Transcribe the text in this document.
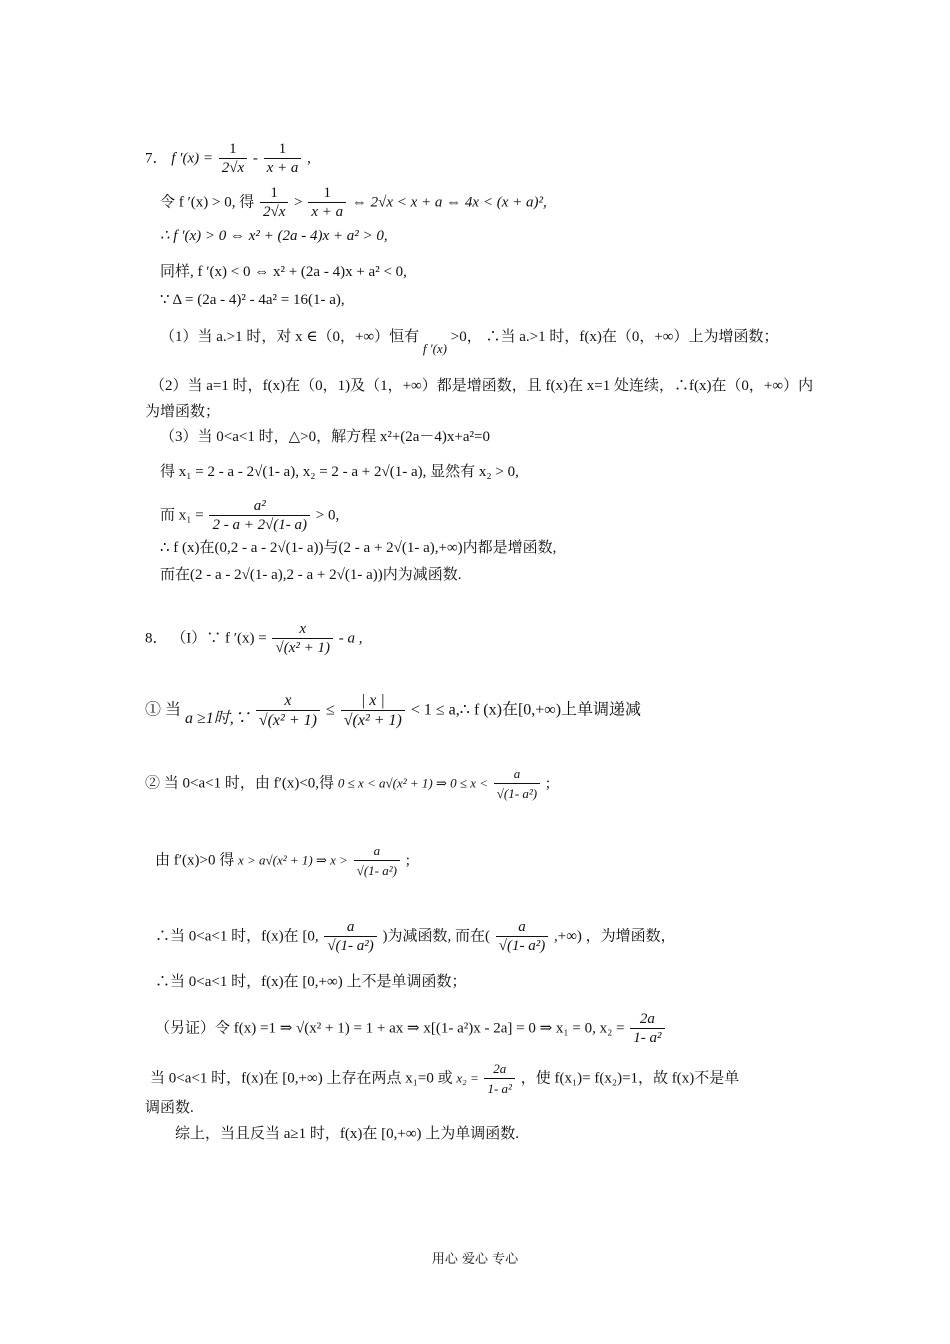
7． f $'(x) = \frac{1}{2√x} - \frac{1}{x + a}$ ,
令 f ′(x) > 0, 得 $\frac{1}{2√x} > \frac{1}{x + a}$ ⇔ 2√x < x + a ⇔ 4x < (x + a)²,
∴ f ′(x) > 0 ⇔ x² + (2a - 4)x + a² > 0,
同样, f ′(x) < 0 ⇔ x² + (2a - 4)x + a² < 0,
∵ Δ = (2a - 4)² - 4a² = 16(1- a),
（1）当 a.>1 时，对 x ∈（0，+∞）恒有 f ′(x) >0， ∴当 a.>1 时，f(x)在（0，+∞）上为增函数；
（2）当 a=1 时，f(x)在（0，1)及（1，+∞）都是增函数，且 f(x)在 x=1 处连续，∴f(x)在（0，+∞）内
为增函数；
（3）当 0<a<1 时，△>0，解方程 x²+(2a－4)x+a²=0
得 x₁ = 2 - a - 2√(1- a), x₂ = 2 - a + 2√(1- a), 显然有 x₂ > 0,
而 $x_1 = \frac{\text{a²}}{2 - a + 2√(1- a)} > 0$,
∴ f (x)在(0,2 - a - 2√(1- a))与(2 - a + 2√(1- a),+∞)内都是增函数,
而在(2 - a - 2√(1- a),2 - a + 2√(1- a))内为减函数.
8． （I）∵ f $'(x) = \frac{x}{\text{√(x² + 1)}} - a$ ,
① 当 a ≥1时,∵ $\frac{x}{\text{√(x² + 1)}} \le \frac{| x |}{\text{√(x² + 1)}} < 1$ ≤ a,∴ f (x)在[0,+∞)上单调递减
② 当 0<a<1 时，由 f′(x)<0,得 0 ≤ x < a√(x² + 1) ⇒ $0 \le x < \frac{a}{\text{√(1- a²)}}$ ;
由 f′(x)>0 得 x > a√(x² + 1) ⇒ $x > \frac{a}{\text{√(1- a²)}}$ ;
∴当 0<a<1 时，f(x)在 [0, $\frac{a}{\text{√(1- a²)}}$ )为减函数, 而在( $\frac{a}{\text{√(1- a²)}}$ ,+∞) ，为增函数，
∴当 0<a<1 时，f(x)在 [0,+∞) 上不是单调函数；
（另证）令 f(x) =1 ⇒ √(x² + 1) = 1 + ax ⇒ x[(1- a²)x - 2a] = 0 ⇒ x₁ = 0, $x_2 = \frac{2a}{\text{1- a²}}$
当 0<a<1 时，f(x)在 [0,+∞) 上存在两点 x₁=0 或 $x_2 = \frac{2a}{\text{1- a²}}$ ，使 f(x₁)= f(x₂)=1，故 f(x)不是单
调函数.
综上，当且反当 a≥1 时，f(x)在 [0,+∞) 上为单调函数.
用心 爱心 专心
